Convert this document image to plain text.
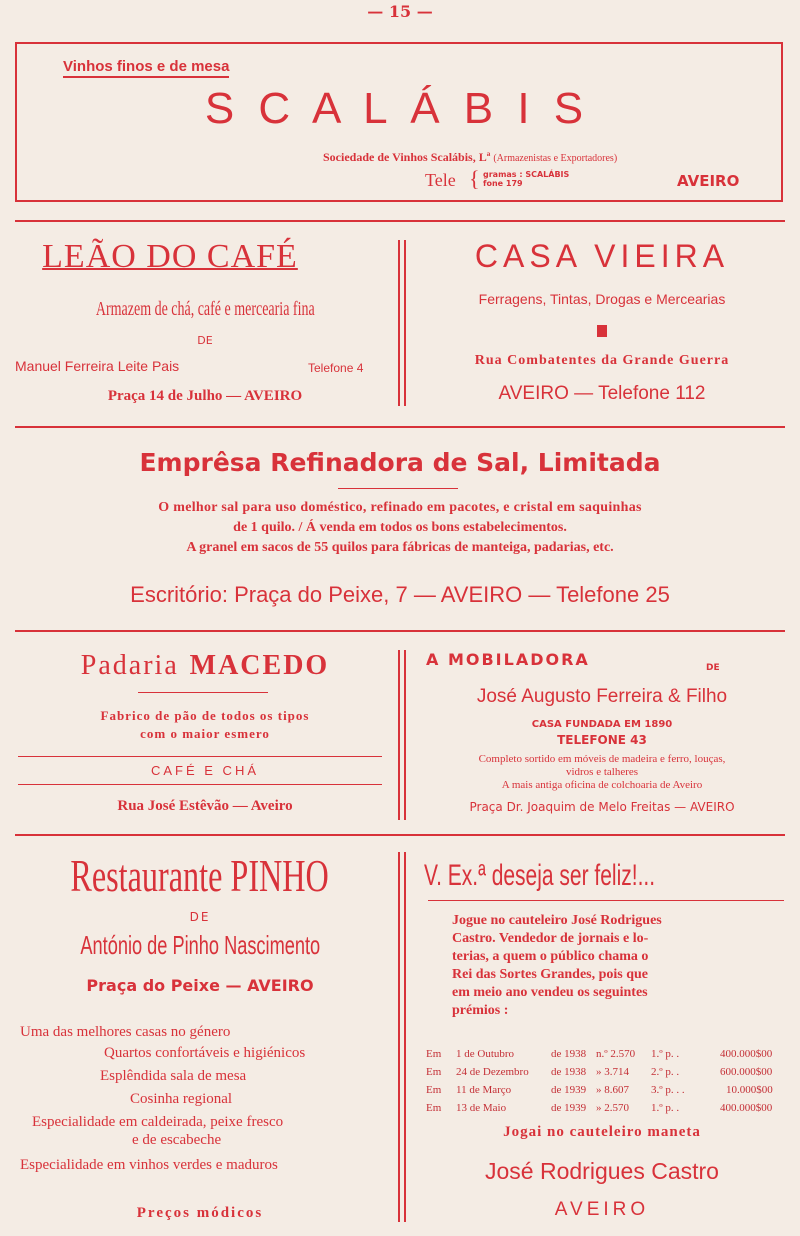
— 15 —
Vinhos finos e de mesa
S C A L Á B I S
Sociedade de Vinhos Scalábis, Lª (Armazenistas e Exportadores)
Tele { gramas : SCALÁBIS
fone 179	AVEIRO
LEÃO DO CAFÉ
Armazem de chá, café e mercearia fina
DE
Manuel Ferreira Leite Pais	Telefone 4
Praça 14 de Julho — AVEIRO
CASA VIEIRA
Ferragens, Tintas, Drogas e Mercearias
Rua Combatentes da Grande Guerra
AVEIRO — Telefone 112
Emprêsa Refinadora de Sal, Limitada
O melhor sal para uso doméstico, refinado em pacotes, e cristal em saquinhas
de 1 quilo. / Á venda em todos os bons estabelecimentos.
A granel em sacos de 55 quilos para fábricas de manteiga, padarias, etc.
Escritório: Praça do Peixe, 7 — AVEIRO — Telefone 25
Padaria MACEDO
Fabrico de pão de todos os tipos
com o maior esmero
CAFÉ E CHÁ
Rua José Estêvão — Aveiro
A MOBILADORA	DE
José Augusto Ferreira & Filho
CASA FUNDADA EM 1890
TELEFONE 43
Completo sortido em móveis de madeira e ferro, louças,
vidros e talheres
A mais antiga oficina de colchoaria de Aveiro
Praça Dr. Joaquim de Melo Freitas — AVEIRO
Restaurante PINHO
DE
António de Pinho Nascimento
Praça do Peixe — AVEIRO
Uma das melhores casas no género
Quartos confortáveis e higiénicos
Esplêndida sala de mesa
Cosinha regional
Especialidade em caldeirada, peixe fresco
e de escabeche
Especialidade em vinhos verdes e maduros
Preços módicos
V. Ex.ª deseja ser feliz!...
Jogue no cauteleiro José Rodrigues
Castro. Vendedor de jornais e lo-
terias, a quem o público chama o
Rei das Sortes Grandes, pois que
em meio ano vendeu os seguintes
prémios :
Em 1 de Outubro	de 1938 n.º 2.570 1.º p. .	400.000$00
Em 24 de Dezembro de 1938 » 3.714 2.º p. .	600.000$00
Em 11 de Março	de 1939 » 8.607 3.º p. . .	10.000$00
Em 13 de Maio	de 1939 » 2.570 1.º p. .	400.000$00
Jogai no cauteleiro maneta
José Rodrigues Castro
AVEIRO
